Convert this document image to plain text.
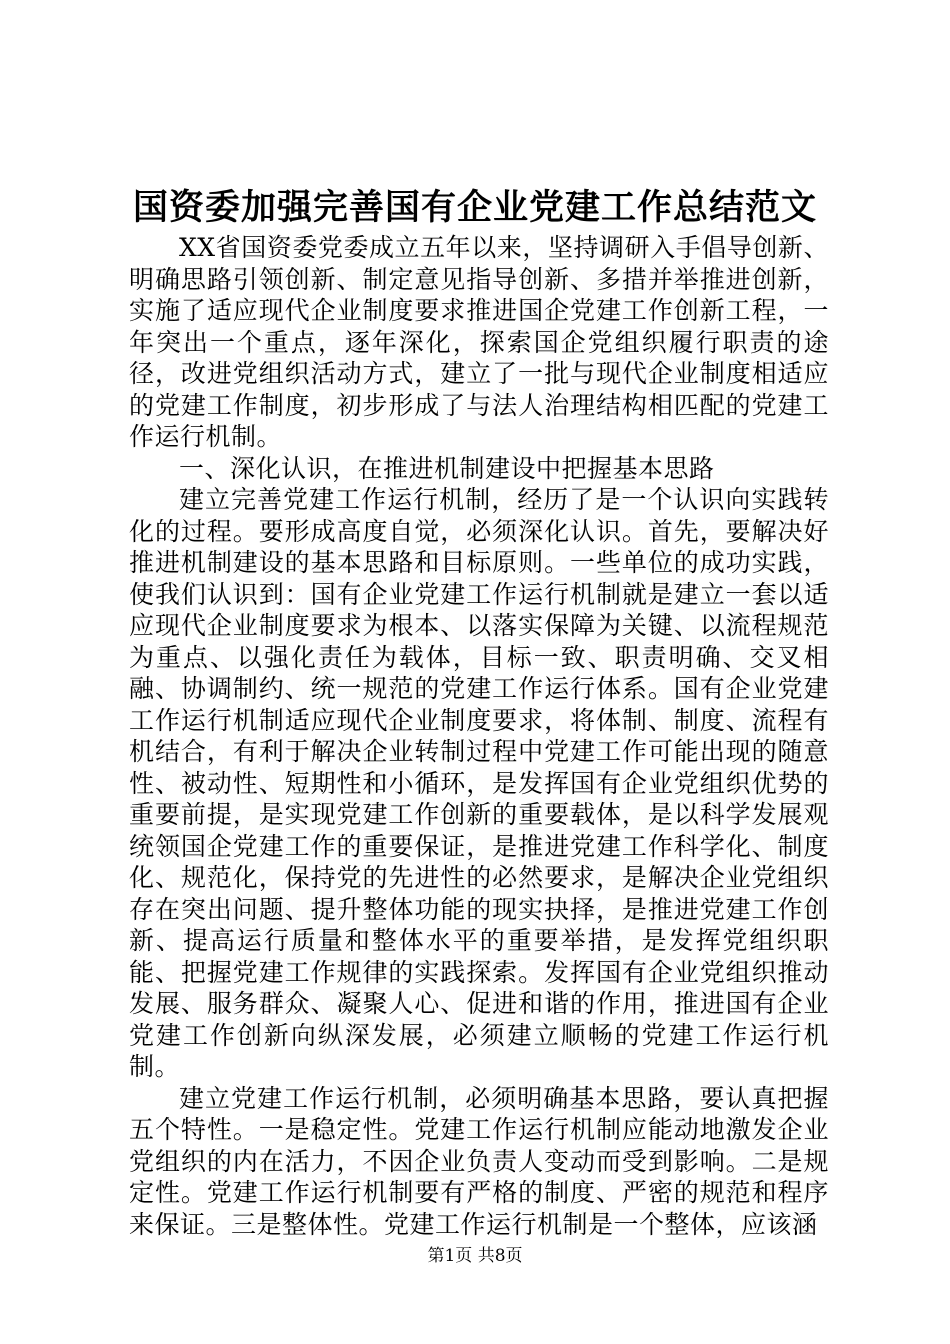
国资委加强完善国有企业党建工作总结范文

XX省国资委党委成立五年以来，坚持调研入手倡导创新、明确思路引领创新、制定意见指导创新、多措并举推进创新，实施了适应现代企业制度要求推进国企党建工作创新工程，一年突出一个重点，逐年深化，探索国企党组织履行职责的途径，改进党组织活动方式，建立了一批与现代企业制度相适应的党建工作制度，初步形成了与法人治理结构相匹配的党建工作运行机制。

一、深化认识，在推进机制建设中把握基本思路

建立完善党建工作运行机制，经历了是一个认识向实践转化的过程。要形成高度自觉，必须深化认识。首先，要解决好推进机制建设的基本思路和目标原则。一些单位的成功实践，使我们认识到：国有企业党建工作运行机制就是建立一套以适应现代企业制度要求为根本、以落实保障为关键、以流程规范为重点、以强化责任为载体，目标一致、职责明确、交叉相融、协调制约、统一规范的党建工作运行体系。国有企业党建工作运行机制适应现代企业制度要求，将体制、制度、流程有机结合，有利于解决企业转制过程中党建工作可能出现的随意性、被动性、短期性和小循环，是发挥国有企业党组织优势的重要前提，是实现党建工作创新的重要载体，是以科学发展观统领国企党建工作的重要保证，是推进党建工作科学化、制度化、规范化，保持党的先进性的必然要求，是解决企业党组织存在突出问题、提升整体功能的现实抉择，是推进党建工作创新、提高运行质量和整体水平的重要举措，是发挥党组织职能、把握党建工作规律的实践探索。发挥国有企业党组织推动发展、服务群众、凝聚人心、促进和谐的作用，推进国有企业党建工作创新向纵深发展，必须建立顺畅的党建工作运行机制。

建立党建工作运行机制，必须明确基本思路，要认真把握五个特性。一是稳定性。党建工作运行机制应能动地激发企业党组织的内在活力，不因企业负责人变动而受到影响。二是规定性。党建工作运行机制要有严格的制度、严密的规范和程序来保证。三是整体性。党建工作运行机制是一个整体，应该涵

第1页 共8页
